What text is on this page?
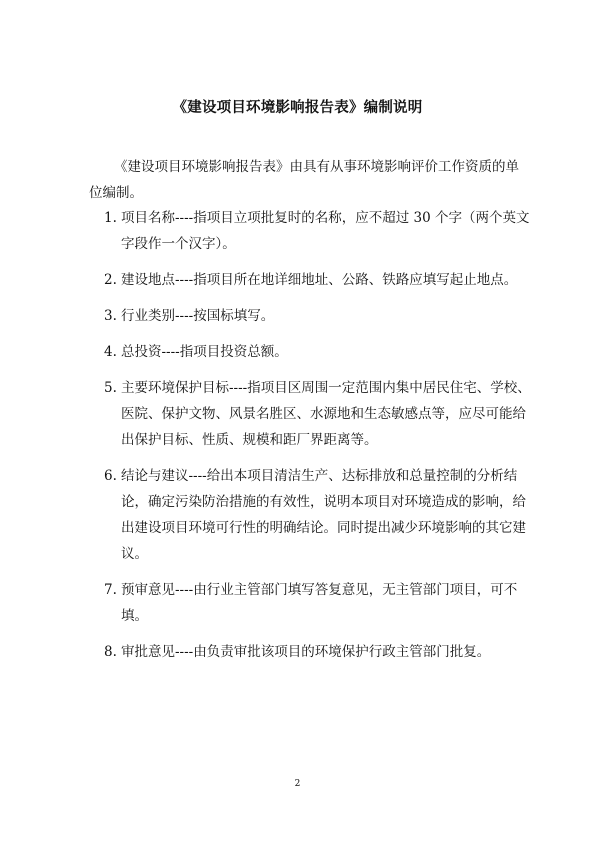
《建设项目环境影响报告表》编制说明

《建设项目环境影响报告表》由具有从事环境影响评价工作资质的单位编制。

1. 项目名称----指项目立项批复时的名称，应不超过 30 个字（两个英文字段作一个汉字）。
2. 建设地点----指项目所在地详细地址、公路、铁路应填写起止地点。
3. 行业类别----按国标填写。
4. 总投资----指项目投资总额。
5. 主要环境保护目标----指项目区周围一定范围内集中居民住宅、学校、医院、保护文物、风景名胜区、水源地和生态敏感点等，应尽可能给出保护目标、性质、规模和距厂界距离等。
6. 结论与建议----给出本项目清洁生产、达标排放和总量控制的分析结论，确定污染防治措施的有效性，说明本项目对环境造成的影响，给出建设项目环境可行性的明确结论。同时提出减少环境影响的其它建议。
7. 预审意见----由行业主管部门填写答复意见，无主管部门项目，可不填。
8. 审批意见----由负责审批该项目的环境保护行政主管部门批复。
2
